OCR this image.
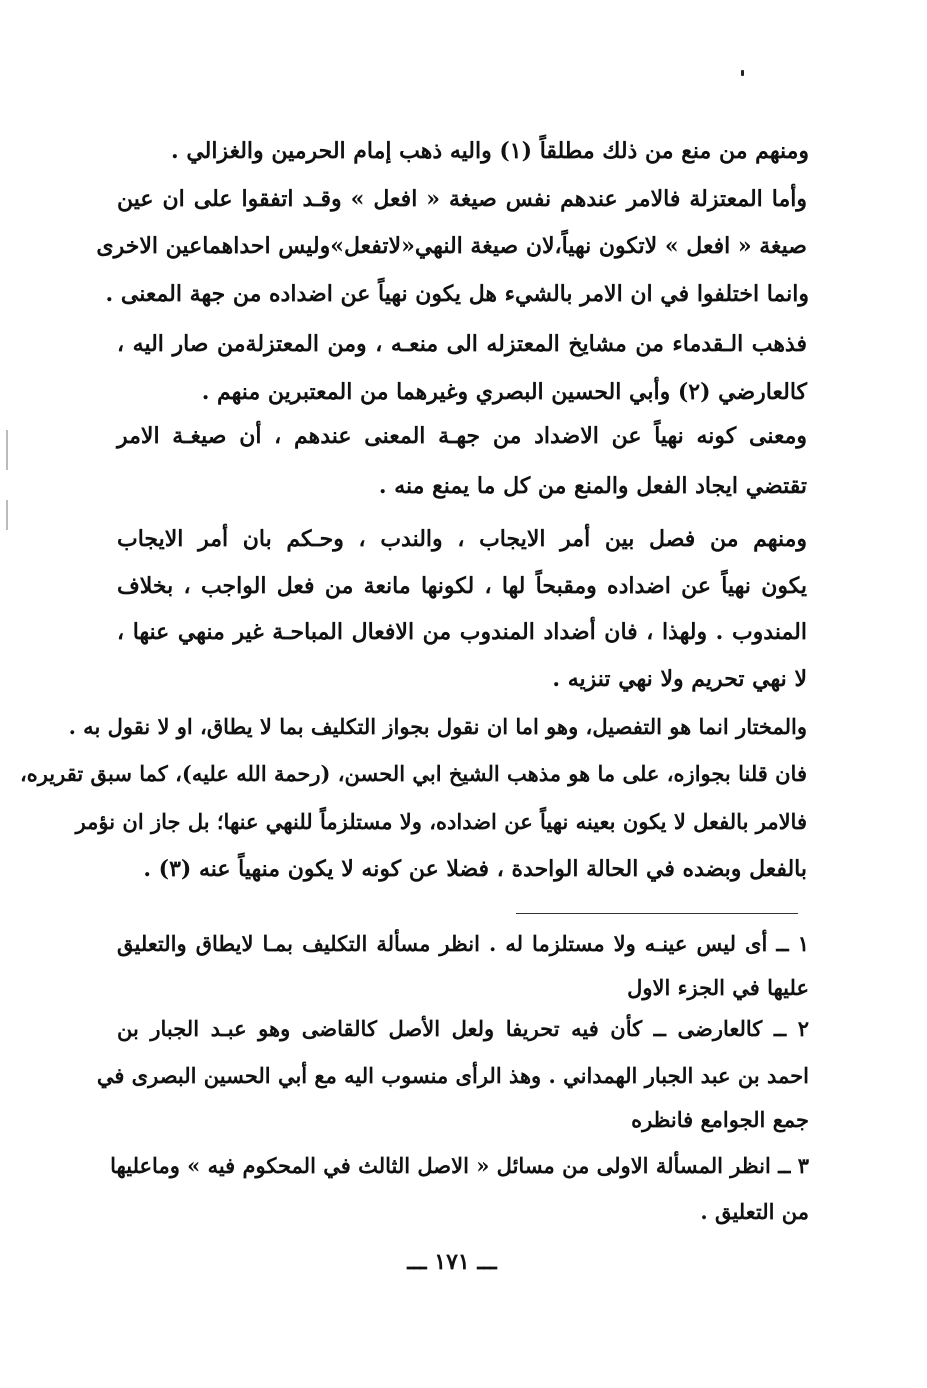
ومنهم من منع من ذلك مطلقاً (١) واليه ذهب إمام الحرمين والغزالي .
وأما المعتزلة فالامر عندهم نفس صيغة « افعل » وقـد اتفقوا على ان عين
صيغة « افعل » لاتكون نهياً،لان صيغة النهي«لاتفعل»وليس احداهماعين الاخرى
وانما اختلفوا في ان الامر بالشيء هل يكون نهياً عن اضداده من جهة المعنى .
فذهب الـقدماء من مشايخ المعتزله الى منعـه ، ومن المعتزلةمن صار اليه ،
كالعارضي (٢) وأبي الحسين البصري وغيرهما من المعتبرين منهم .
ومعنى كونه نهياً عن الاضداد من جهـة المعنى عندهم ، أن صيغـة الامر
تقتضي ايجاد الفعل والمنع من كل ما يمنع منه .
ومنهم من فصل بين أمر الايجاب ، والندب ، وحـكم بان أمر الايجاب
يكون نهياً عن اضداده ومقبحاً لها ، لكونها مانعة من فعل الواجب ، بخلاف
المندوب . ولهذا ، فان أضداد المندوب من الافعال المباحـة غير منهي عنها ،
لا نهي تحريم ولا نهي تنزيه .
والمختار انما هو التفصيل، وهو اما ان نقول بجواز التكليف بما لا يطاق، او لا نقول به .
فان قلنا بجوازه، على ما هو مذهب الشيخ ابي الحسن، (رحمة الله عليه)، كما سبق تقريره،
فالامر بالفعل لا يكون بعينه نهياً عن اضداده، ولا مستلزماً للنهي عنها؛ بل جاز ان نؤمر
بالفعل وبضده في الحالة الواحدة ، فضلا عن كونه لا يكون منهياً عنه (٣) .
١ ــ أى ليس عينـه ولا مستلزما له . انظر مسألة التكليف بمـا لايطاق والتعليق
عليها في الجزء الاول
٢ ــ كالعارضى ــ كأن فيه تحريفا ولعل الأصل كالقاضى وهو عبـد الجبار بن
احمد بن عبد الجبار الهمداني . وهذ الرأى منسوب اليه مع أبي الحسين البصرى في
جمع الجوامع فانظره
٣ ــ انظر المسألة الاولى من مسائل « الاصل الثالث في المحكوم فيه » وماعليها
من التعليق .
ـــ ١٧١ ـــ
